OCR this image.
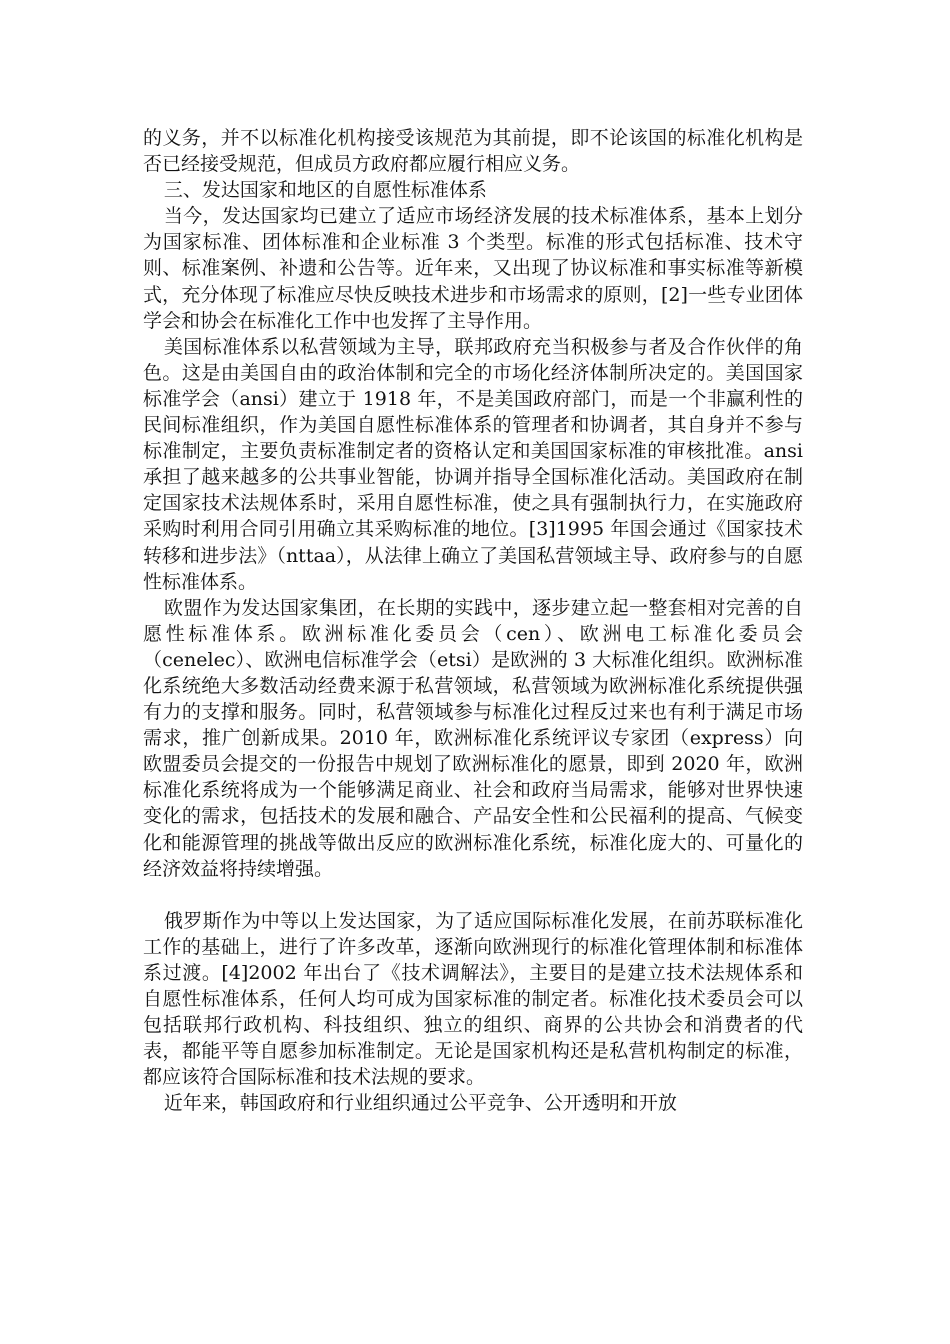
的义务，并不以标准化机构接受该规范为其前提，即不论该国的标准化机构是否已经接受规范，但成员方政府都应履行相应义务。

三、发达国家和地区的自愿性标准体系

当今，发达国家均已建立了适应市场经济发展的技术标准体系，基本上划分为国家标准、团体标准和企业标准 3 个类型。标准的形式包括标准、技术守则、标准案例、补遗和公告等。近年来，又出现了协议标准和事实标准等新模式，充分体现了标准应尽快反映技术进步和市场需求的原则，[2]一些专业团体学会和协会在标准化工作中也发挥了主导作用。

美国标准体系以私营领域为主导，联邦政府充当积极参与者及合作伙伴的角色。这是由美国自由的政治体制和完全的市场化经济体制所决定的。美国国家标准学会（ansi）建立于 1918 年，不是美国政府部门，而是一个非赢利性的民间标准组织，作为美国自愿性标准体系的管理者和协调者，其自身并不参与标准制定，主要负责标准制定者的资格认定和美国国家标准的审核批准。ansi 承担了越来越多的公共事业智能，协调并指导全国标准化活动。美国政府在制定国家技术法规体系时，采用自愿性标准，使之具有强制执行力，在实施政府采购时利用合同引用确立其采购标准的地位。[3]1995 年国会通过《国家技术转移和进步法》（nttaa），从法律上确立了美国私营领域主导、政府参与的自愿性标准体系。

欧盟作为发达国家集团，在长期的实践中，逐步建立起一整套相对完善的自愿性标准体系。欧洲标准化委员会（cen）、欧洲电工标准化委员会（cenelec）、欧洲电信标准学会（etsi）是欧洲的 3 大标准化组织。欧洲标准化系统绝大多数活动经费来源于私营领域，私营领域为欧洲标准化系统提供强有力的支撑和服务。同时，私营领域参与标准化过程反过来也有利于满足市场需求，推广创新成果。2010 年，欧洲标准化系统评议专家团（express）向欧盟委员会提交的一份报告中规划了欧洲标准化的愿景，即到 2020 年，欧洲标准化系统将成为一个能够满足商业、社会和政府当局需求，能够对世界快速变化的需求，包括技术的发展和融合、产品安全性和公民福利的提高、气候变化和能源管理的挑战等做出反应的欧洲标准化系统，标准化庞大的、可量化的经济效益将持续增强。

俄罗斯作为中等以上发达国家，为了适应国际标准化发展，在前苏联标准化工作的基础上，进行了许多改革，逐渐向欧洲现行的标准化管理体制和标准体系过渡。[4]2002 年出台了《技术调解法》，主要目的是建立技术法规体系和自愿性标准体系，任何人均可成为国家标准的制定者。标准化技术委员会可以包括联邦行政机构、科技组织、独立的组织、商界的公共协会和消费者的代表，都能平等自愿参加标准制定。无论是国家机构还是私营机构制定的标准，都应该符合国际标准和技术法规的要求。

近年来，韩国政府和行业组织通过公平竞争、公开透明和开放
